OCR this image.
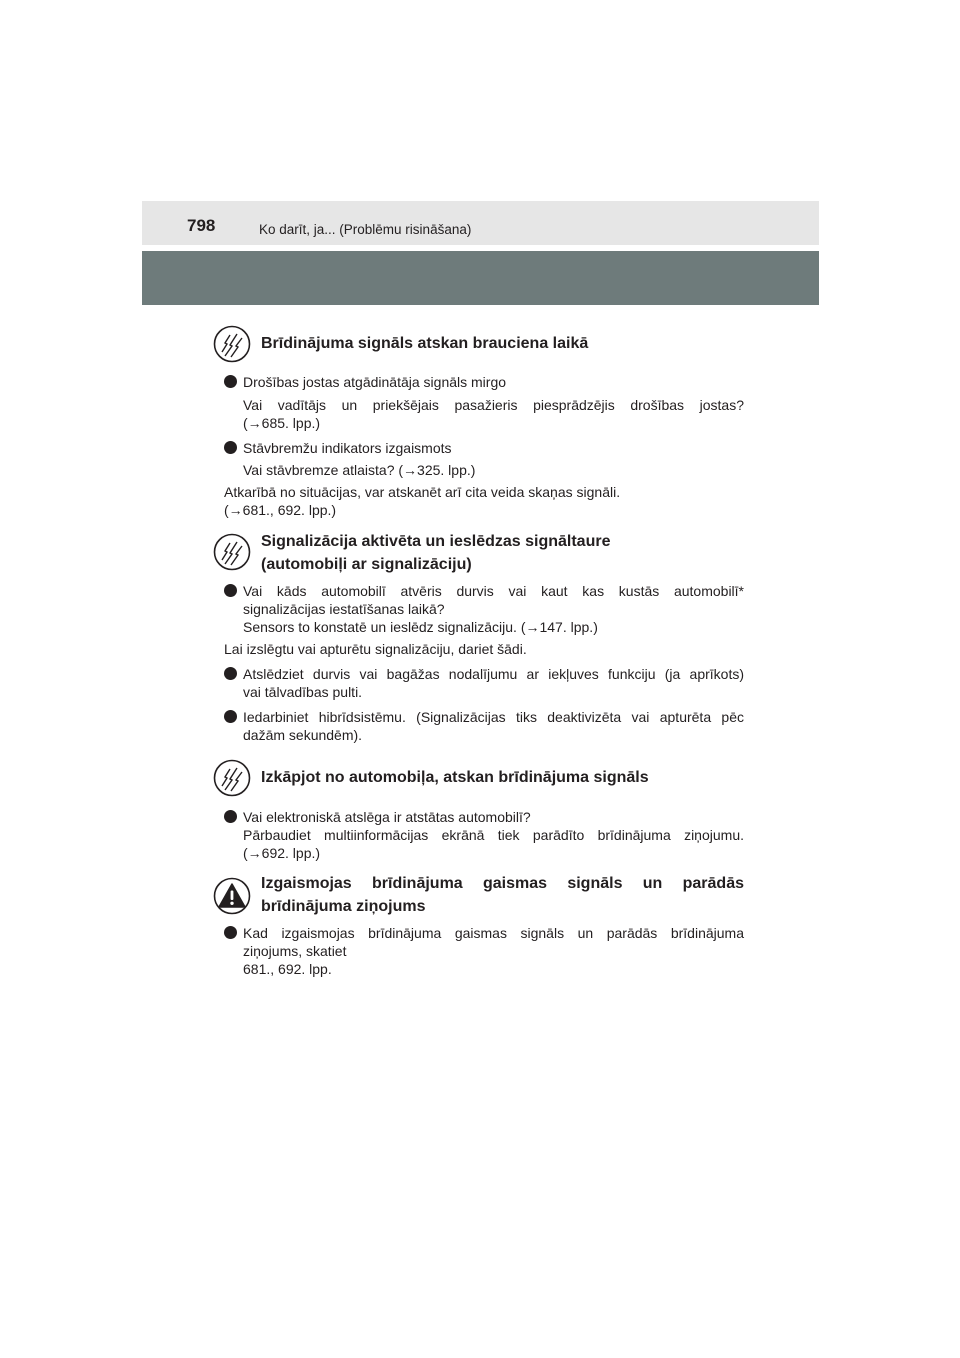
798	Ko darīt, ja... (Problēmu risināšana)
Brīdinājuma signāls atskan brauciena laikā
Drošības jostas atgādinātāja signāls mirgo
Vai vadītājs un priekšējais pasažieris piesprādzējis drošības jostas?
(→685. lpp.)
Stāvbremžu indikators izgaismots
Vai stāvbremze atlaista? (→325. lpp.)
Atkarībā no situācijas, var atskanēt arī cita veida skaņas signāli.
(→681., 692. lpp.)
Signalizācija aktivēta un ieslēdzas signāltaure
(automobiļi ar signalizāciju)
Vai kāds automobilī atvēris durvis vai kaut kas kustās automobilī*
signalizācijas iestatīšanas laikā?
Sensors to konstatē un ieslēdz signalizāciju. (→147. lpp.)
Lai izslēgtu vai apturētu signalizāciju, dariet šādi.
Atslēdziet durvis vai bagāžas nodalījumu ar iekļuves funkciju (ja aprīkots)
vai tālvadības pulti.
Iedarbiniet hibrīdsistēmu. (Signalizācijas tiks deaktivizēta vai apturēta pēc
dažām sekundēm).
Izkāpjot no automobiļa, atskan brīdinājuma signāls
Vai elektroniskā atslēga ir atstātas automobilī?
Pārbaudiet multiinformācijas ekrānā tiek parādīto brīdinājuma ziņojumu.
(→692. lpp.)
Izgaismojas brīdinājuma gaismas signāls un parādās
brīdinājuma ziņojums
Kad izgaismojas brīdinājuma gaismas signāls un parādās brīdinājuma
ziņojums, skatiet
681., 692. lpp.
